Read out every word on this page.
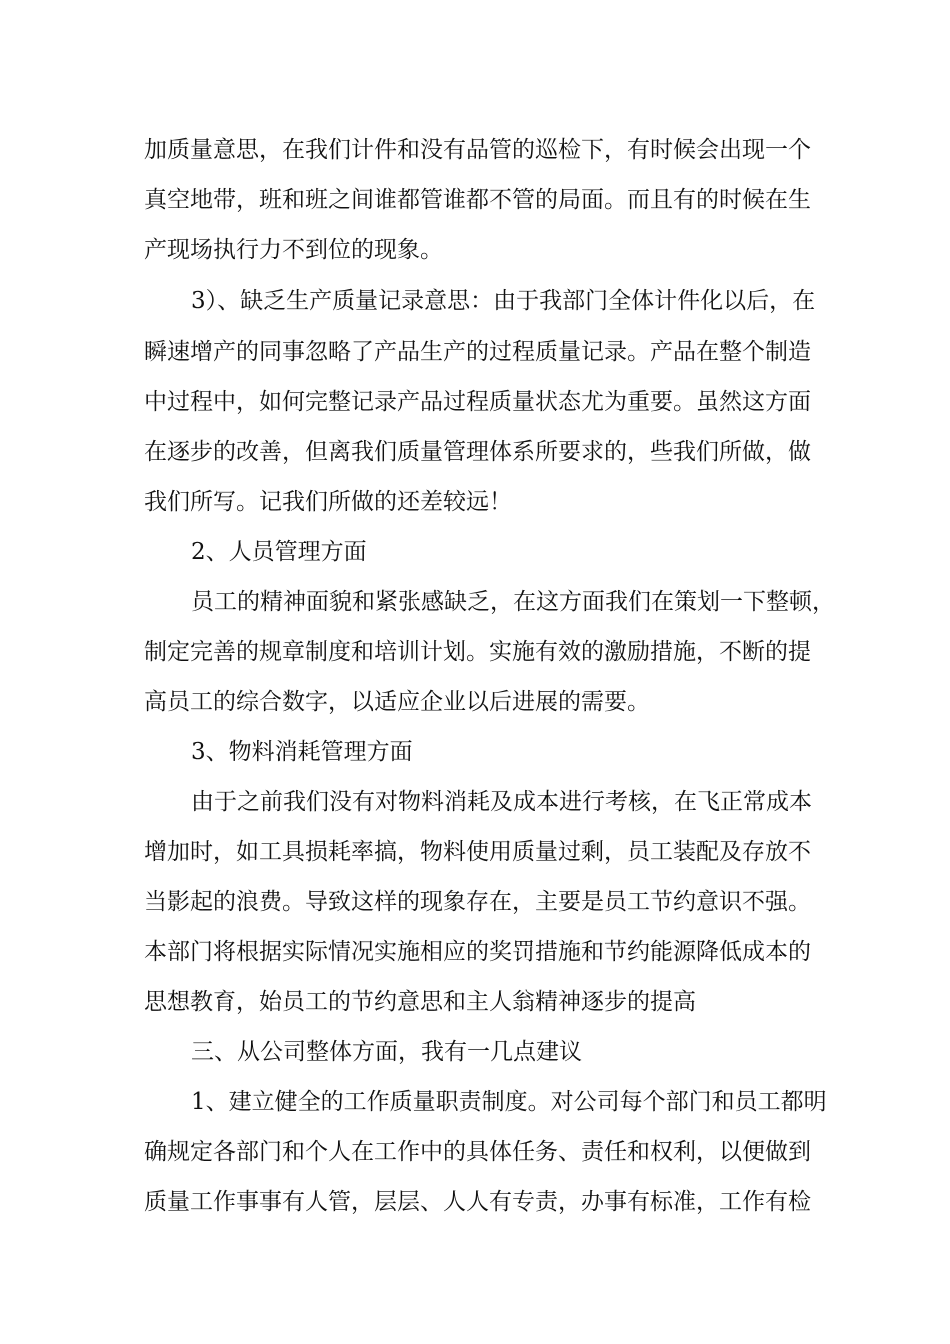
加质量意思，在我们计件和没有品管的巡检下，有时候会出现一个
真空地带，班和班之间谁都管谁都不管的局面。而且有的时候在生
产现场执行力不到位的现象。
3）、缺乏生产质量记录意思：由于我部门全体计件化以后，在
瞬速增产的同事忽略了产品生产的过程质量记录。产品在整个制造
中过程中，如何完整记录产品过程质量状态尤为重要。虽然这方面
在逐步的改善，但离我们质量管理体系所要求的，些我们所做，做
我们所写。记我们所做的还差较远！
2、人员管理方面
员工的精神面貌和紧张感缺乏，在这方面我们在策划一下整顿，
制定完善的规章制度和培训计划。实施有效的激励措施，不断的提
高员工的综合数字，以适应企业以后进展的需要。
3、物料消耗管理方面
由于之前我们没有对物料消耗及成本进行考核，在飞正常成本
增加时，如工具损耗率搞，物料使用质量过剩，员工装配及存放不
当影起的浪费。导致这样的现象存在，主要是员工节约意识不强。
本部门将根据实际情况实施相应的奖罚措施和节约能源降低成本的
思想教育，始员工的节约意思和主人翁精神逐步的提高
三、从公司整体方面，我有一几点建议
1、建立健全的工作质量职责制度。对公司每个部门和员工都明
确规定各部门和个人在工作中的具体任务、责任和权利，以便做到
质量工作事事有人管，层层、人人有专责，办事有标准，工作有检
